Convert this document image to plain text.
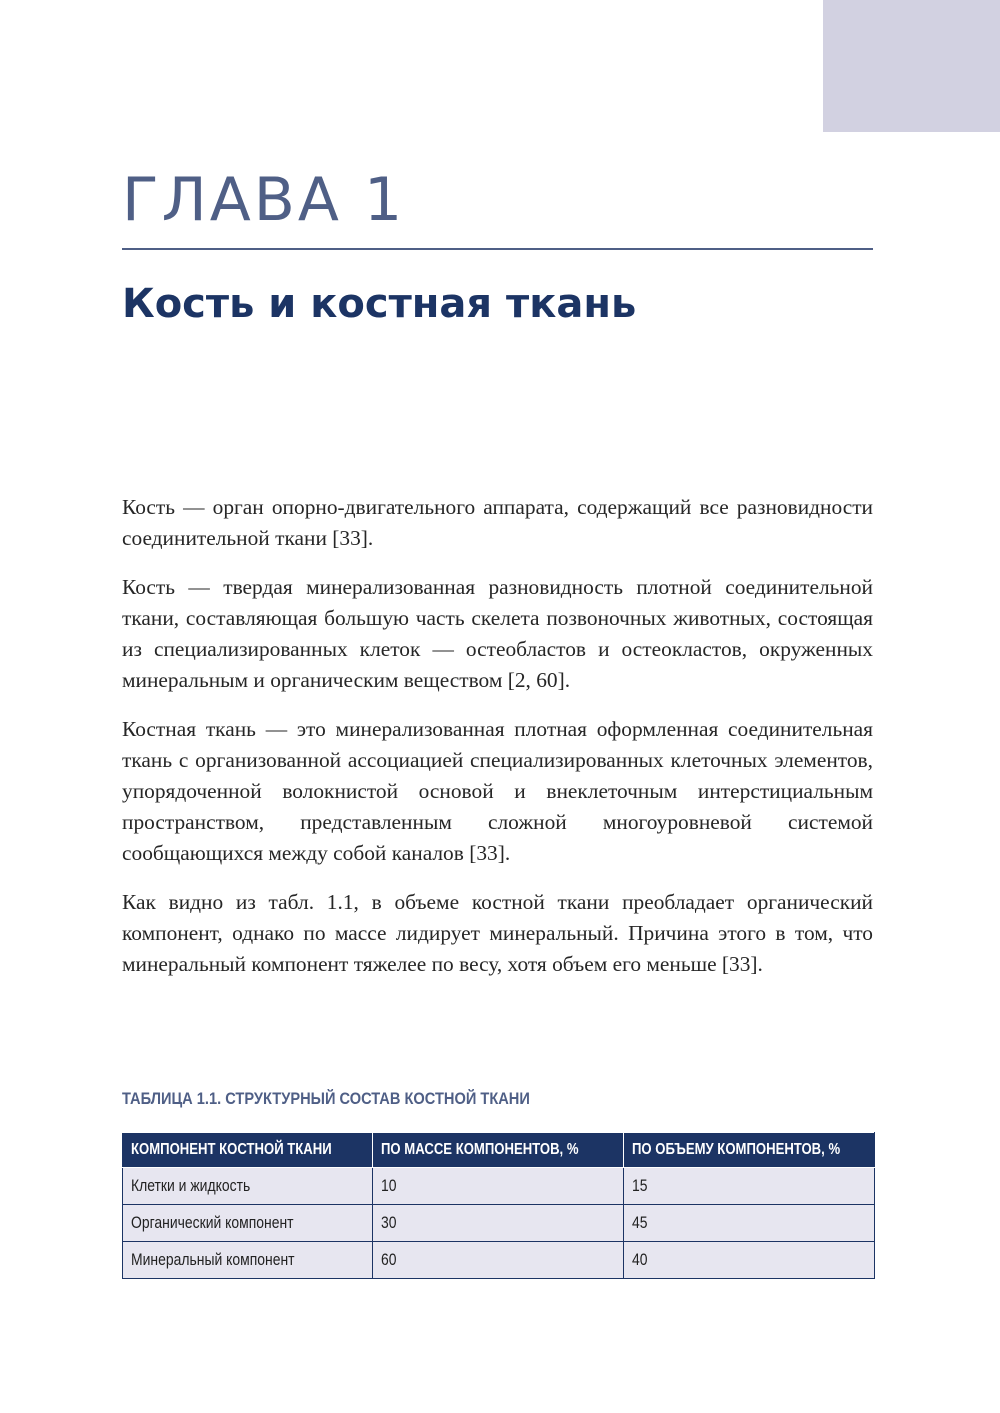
ГЛАВА 1
Кость и костная ткань

Кость — орган опорно-двигательного аппарата, содержащий все разновидности соединительной ткани [33].

Кость — твердая минерализованная разновидность плотной соединительной ткани, составляющая большую часть скелета позвоночных животных, состоящая из специализированных клеток — остеобластов и остеокластов, окруженных минеральным и органическим веществом [2, 60].

Костная ткань — это минерализованная плотная оформленная соединительная ткань с организованной ассоциацией специализированных клеточных элементов, упорядоченной волокнистой основой и внеклеточным интерстициальным пространством, представленным сложной многоуровневой системой сообщающихся между собой каналов [33].

Как видно из табл. 1.1, в объеме костной ткани преобладает органический компонент, однако по массе лидирует минеральный. Причина этого в том, что минеральный компонент тяжелее по весу, хотя объем его меньше [33].

ТАБЛИЦА 1.1. СТРУКТУРНЫЙ СОСТАВ КОСТНОЙ ТКАНИ
КОМПОНЕНТ КОСТНОЙ ТКАНИ	ПО МАССЕ КОМПОНЕНТОВ, %	ПО ОБЪЕМУ КОМПОНЕНТОВ, %
Клетки и жидкость	10	15
Органический компонент	30	45
Минеральный компонент	60	40
